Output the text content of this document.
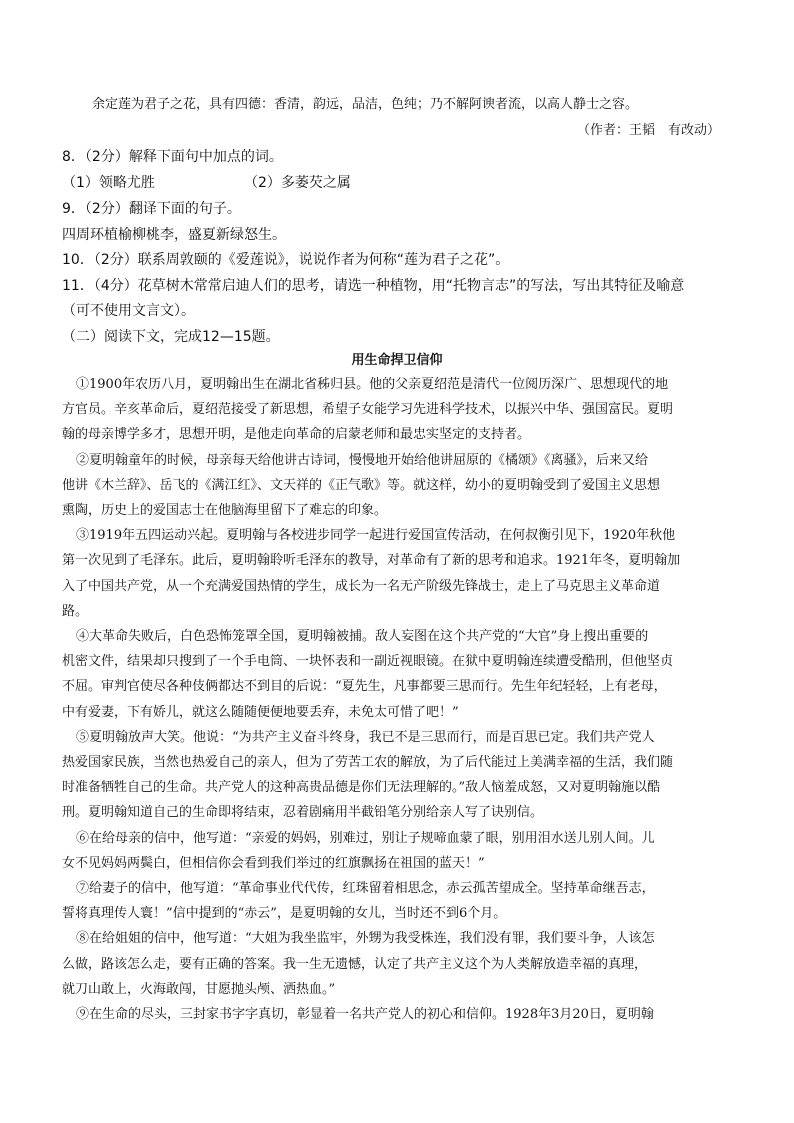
余定莲为君子之花，具有四德：香清，韵远，品洁，色纯；乃不解阿谀者流，以高人静士之容。
（作者：王韬　有改动）
8．（2分）解释下面句中加点的词。
（1）领略尤胜	（2）多萎芡之属
9．（2分）翻译下面的句子。
四周环植榆柳桃李，盛夏新绿怒生。
10．（2分）联系周敦颐的《爱莲说》，说说作者为何称“莲为君子之花”。
11．（4分）花草树木常常启迪人们的思考，请选一种植物，用“托物言志”的写法，写出其特征及喻意
（可不使用文言文）。
（二）阅读下文，完成12—15题。
用生命捍卫信仰
①1900年农历八月，夏明翰出生在湖北省秭归县。他的父亲夏绍范是清代一位阅历深广、思想现代的地
方官员。辛亥革命后，夏绍范接受了新思想，希望子女能学习先进科学技术，以振兴中华、强国富民。夏明
翰的母亲博学多才，思想开明，是他走向革命的启蒙老师和最忠实坚定的支持者。
②夏明翰童年的时候，母亲每天给他讲古诗词，慢慢地开始给他讲屈原的《橘颂》《离骚》，后来又给
他讲《木兰辞》、岳飞的《满江红》、文天祥的《正气歌》等。就这样，幼小的夏明翰受到了爱国主义思想
熏陶，历史上的爱国志士在他脑海里留下了难忘的印象。
③1919年五四运动兴起。夏明翰与各校进步同学一起进行爱国宣传活动，在何叔衡引见下，1920年秋他
第一次见到了毛泽东。此后，夏明翰聆听毛泽东的教导，对革命有了新的思考和追求。1921年冬，夏明翰加
入了中国共产党，从一个充满爱国热情的学生，成长为一名无产阶级先锋战士，走上了马克思主义革命道
路。
④大革命失败后，白色恐怖笼罩全国，夏明翰被捕。敌人妄图在这个共产党的“大官”身上搜出重要的
机密文件，结果却只搜到了一个手电筒、一块怀表和一副近视眼镜。在狱中夏明翰连续遭受酷刑，但他坚贞
不屈。审判官使尽各种伎俩都达不到目的后说：“夏先生，凡事都要三思而行。先生年纪轻轻，上有老母，
中有爱妻，下有娇儿，就这么随随便便地要丢弃，未免太可惜了吧！”
⑤夏明翰放声大笑。他说：“为共产主义奋斗终身，我已不是三思而行，而是百思已定。我们共产党人
热爱国家民族，当然也热爱自己的亲人，但为了劳苦工农的解放，为了后代能过上美满幸福的生活，我们随
时准备牺牲自己的生命。共产党人的这种高贵品德是你们无法理解的。”敌人恼羞成怒，又对夏明翰施以酷
刑。夏明翰知道自己的生命即将结束，忍着剧痛用半截铅笔分别给亲人写了诀别信。
⑥在给母亲的信中，他写道：“亲爱的妈妈，别难过，别让子规啼血蒙了眼，别用泪水送儿别人间。儿
女不见妈妈两鬓白，但相信你会看到我们举过的红旗飘扬在祖国的蓝天！”
⑦给妻子的信中，他写道：“革命事业代代传，红珠留着相思念，赤云孤苦望成全。坚持革命继吾志，
誓将真理传人寰！”信中提到的“赤云”，是夏明翰的女儿，当时还不到6个月。
⑧在给姐姐的信中，他写道：“大姐为我坐监牢，外甥为我受株连，我们没有罪，我们要斗争，人该怎
么做，路该怎么走，要有正确的答案。我一生无遗憾，认定了共产主义这个为人类解放造幸福的真理，
就刀山敢上，火海敢闯，甘愿抛头颅、洒热血。”
⑨在生命的尽头，三封家书字字真切，彰显着一名共产党人的初心和信仰。1928年3月20日，夏明翰
